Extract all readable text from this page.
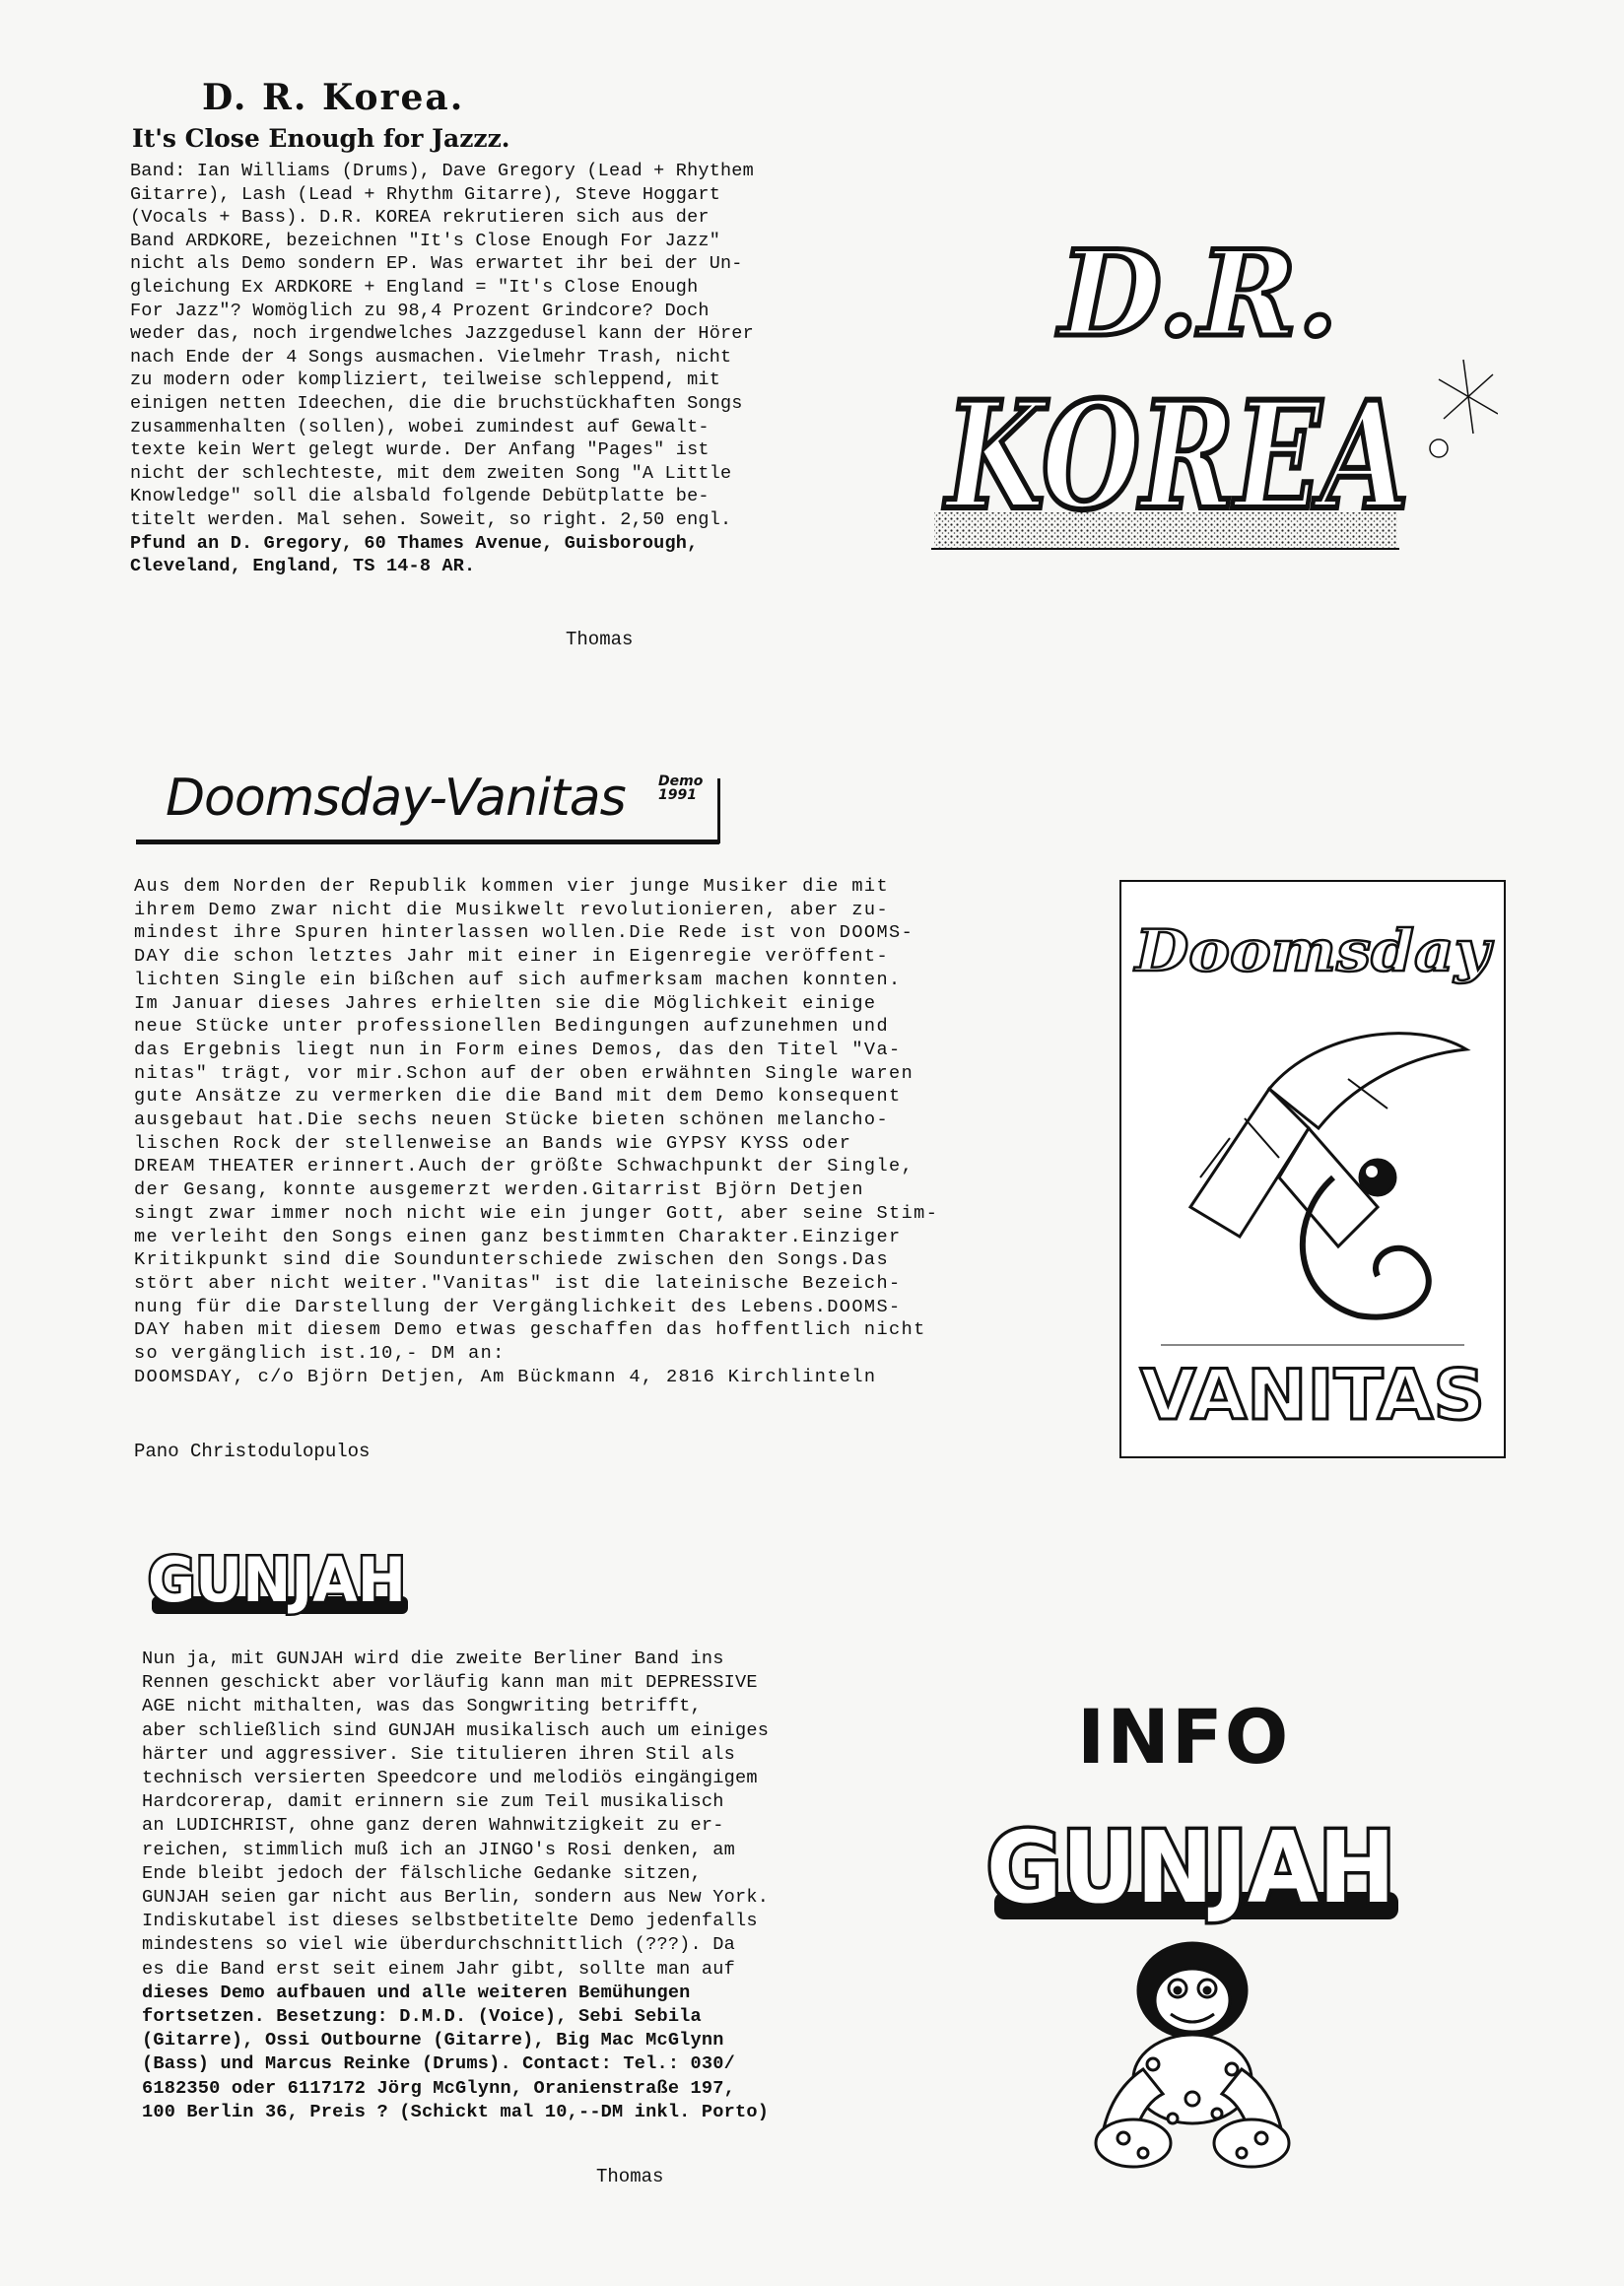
D. R. Korea.
It's Close Enough for Jazzz.
Band: Ian Williams (Drums), Dave Gregory (Lead + Rhythem
Gitarre), Lash (Lead + Rhythm Gitarre), Steve Hoggart
(Vocals + Bass). D.R. KOREA rekrutieren sich aus der
Band ARDKORE, bezeichnen "It's Close Enough For Jazz"
nicht als Demo sondern EP. Was erwartet ihr bei der Un-
gleichung Ex ARDKORE + England = "It's Close Enough
For Jazz"? Womöglich zu 98,4 Prozent Grindcore? Doch
weder das, noch irgendwelches Jazzgedusel kann der Hörer
nach Ende der 4 Songs ausmachen. Vielmehr Trash, nicht
zu modern oder kompliziert, teilweise schleppend, mit
einigen netten Ideechen, die die bruchstückhaften Songs
zusammenhalten (sollen), wobei zumindest auf Gewalt-
texte kein Wert gelegt wurde. Der Anfang "Pages" ist
nicht der schlechteste, mit dem zweiten Song "A Little
Knowledge" soll die alsbald folgende Debütplatte be-
titelt werden. Mal sehen. Soweit, so right. 2,50 engl.
Pfund an D. Gregory, 60 Thames Avenue, Guisborough,
Cleveland, England, TS 14-8 AR.
Thomas
D.R.
KOREA
Doomsday-Vanitas Demo
1991
Aus dem Norden der Republik kommen vier junge Musiker die mit
ihrem Demo zwar nicht die Musikwelt revolutionieren, aber zu-
mindest ihre Spuren hinterlassen wollen.Die Rede ist von DOOMS-
DAY die schon letztes Jahr mit einer in Eigenregie veröffent-
lichten Single ein bißchen auf sich aufmerksam machen konnten.
Im Januar dieses Jahres erhielten sie die Möglichkeit einige
neue Stücke unter professionellen Bedingungen aufzunehmen und
das Ergebnis liegt nun in Form eines Demos, das den Titel "Va-
nitas" trägt, vor mir.Schon auf der oben erwähnten Single waren
gute Ansätze zu vermerken die die Band mit dem Demo konsequent
ausgebaut hat.Die sechs neuen Stücke bieten schönen melancho-
lischen Rock der stellenweise an Bands wie GYPSY KYSS oder
DREAM THEATER erinnert.Auch der größte Schwachpunkt der Single,
der Gesang, konnte ausgemerzt werden.Gitarrist Björn Detjen
singt zwar immer noch nicht wie ein junger Gott, aber seine Stim-
me verleiht den Songs einen ganz bestimmten Charakter.Einziger
Kritikpunkt sind die Soundunterschiede zwischen den Songs.Das
stört aber nicht weiter."Vanitas" ist die lateinische Bezeich-
nung für die Darstellung der Vergänglichkeit des Lebens.DOOMS-
DAY haben mit diesem Demo etwas geschaffen das hoffentlich nicht
so vergänglich ist.10,- DM an:
DOOMSDAY, c/o Björn Detjen, Am Bückmann 4, 2816 Kirchlinteln
Pano Christodulopulos
Doomsday
VANITAS
GUNJAH
Nun ja, mit GUNJAH wird die zweite Berliner Band ins
Rennen geschickt aber vorläufig kann man mit DEPRESSIVE
AGE nicht mithalten, was das Songwriting betrifft,
aber schließlich sind GUNJAH musikalisch auch um einiges
härter und aggressiver. Sie titulieren ihren Stil als
technisch versierten Speedcore und melodiös eingängigem
Hardcorerap, damit erinnern sie zum Teil musikalisch
an LUDICHRIST, ohne ganz deren Wahnwitzigkeit zu er-
reichen, stimmlich muß ich an JINGO's Rosi denken, am
Ende bleibt jedoch der fälschliche Gedanke sitzen,
GUNJAH seien gar nicht aus Berlin, sondern aus New York.
Indiskutabel ist dieses selbstbetitelte Demo jedenfalls
mindestens so viel wie überdurchschnittlich (???). Da
es die Band erst seit einem Jahr gibt, sollte man auf
dieses Demo aufbauen und alle weiteren Bemühungen
fortsetzen. Besetzung: D.M.D. (Voice), Sebi Sebila
(Gitarre), Ossi Outbourne (Gitarre), Big Mac McGlynn
(Bass) und Marcus Reinke (Drums). Contact: Tel.: 030/
6182350 oder 6117172 Jörg McGlynn, Oranienstraße 197,
100 Berlin 36, Preis ? (Schickt mal 10,--DM inkl. Porto)
Thomas
INFO
GUNJAH
